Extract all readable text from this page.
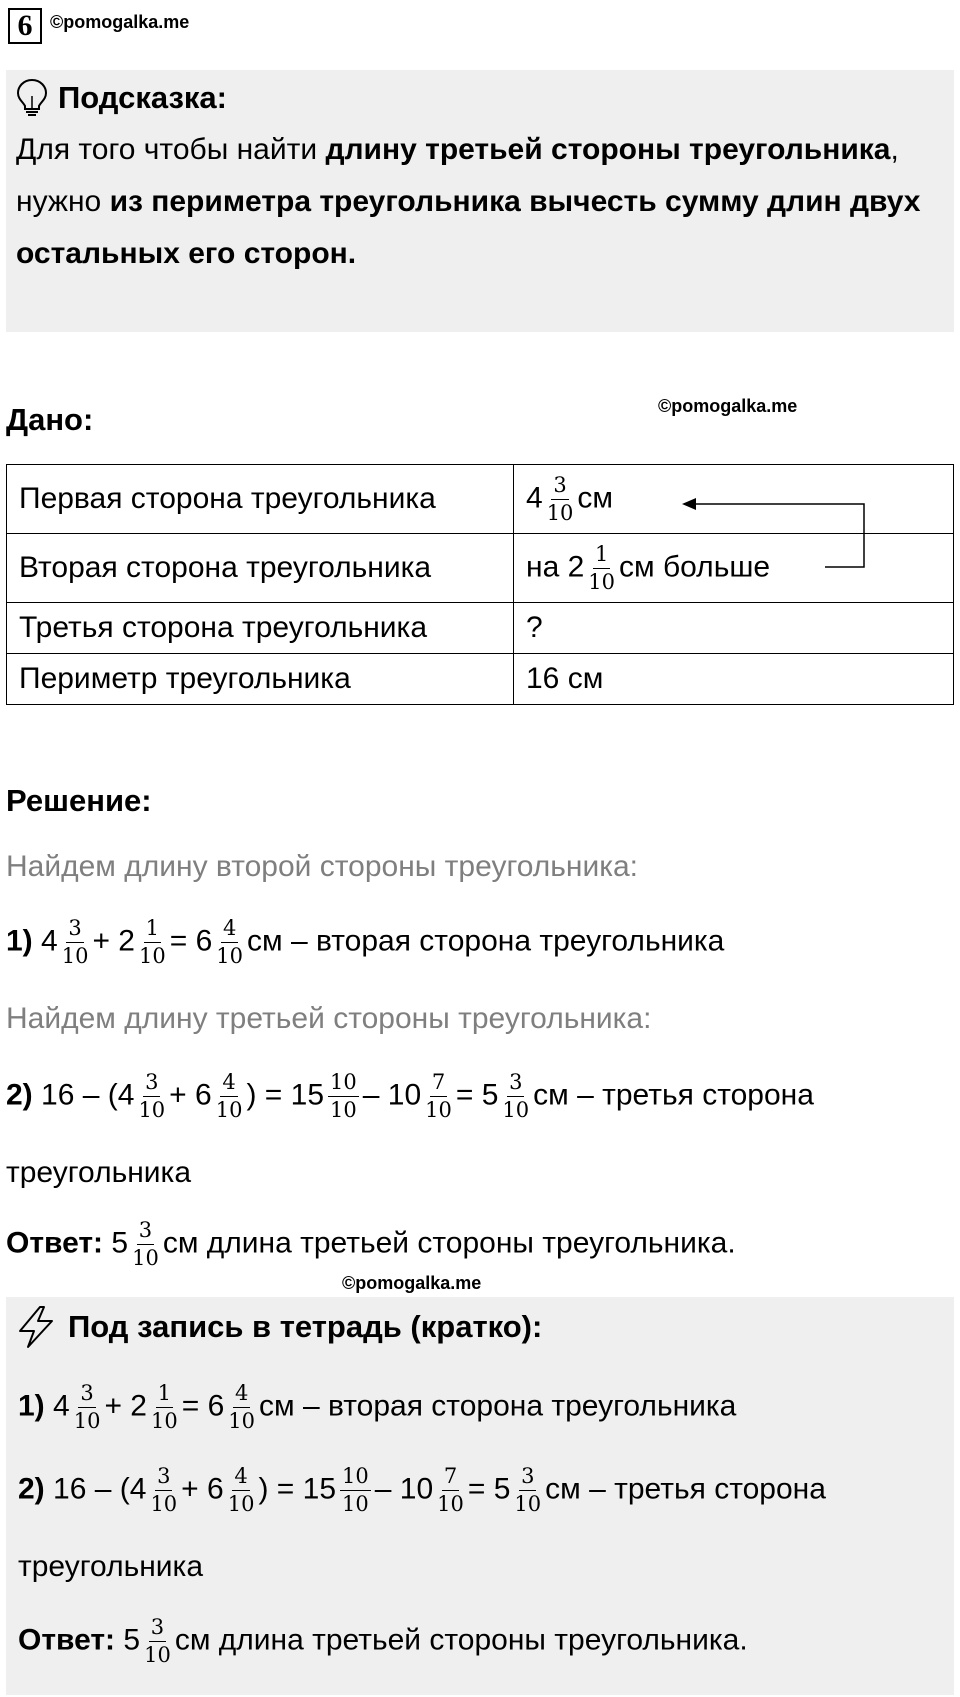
6 ©pomogalka.me
Подсказка:
Для того чтобы найти длину третьей стороны треугольника, нужно из периметра треугольника вычесть сумму длин двух остальных его сторон.
Дано:	©pomogalka.me
Первая сторона треугольника	$4 \frac{3}{10}$ см
Вторая сторона треугольника	на $2 \frac{1}{10}$ см больше
Третья сторона треугольника	?
Периметр треугольника	16 см
Решение:
Найдем длину второй стороны треугольника:
1) $4 \frac{3}{10} + 2 \frac{1}{10} = 6 \frac{4}{10}$ см – вторая сторона треугольника
Найдем длину третьей стороны треугольника:
2) $16 - (4 \frac{3}{10} + 6 \frac{4}{10}$ ) = $15 \frac{10}{10} - 10 \frac{7}{10} = 5 \frac{3}{10}$ см – третья сторона
треугольника
Ответ: $5 \frac{3}{10}$ см длина третьей стороны треугольника.
©pomogalka.me
Под запись в тетрадь (кратко):
1) $4 \frac{3}{10} + 2 \frac{1}{10} = 6 \frac{4}{10}$ см – вторая сторона треугольника
2) $16 - (4 \frac{3}{10} + 6 \frac{4}{10}$ ) = $15 \frac{10}{10} - 10 \frac{7}{10} = 5 \frac{3}{10}$ см – третья сторона
треугольника
Ответ: $5 \frac{3}{10}$ см длина третьей стороны треугольника.
